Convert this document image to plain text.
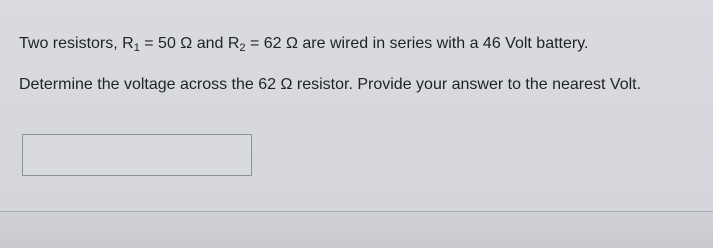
Two resistors, $R_1 = 50$ Ω and $R_2 = 62$ Ω are wired in series with a 46 Volt battery.

Determine the voltage across the 62 Ω resistor. Provide your answer to the nearest Volt.
